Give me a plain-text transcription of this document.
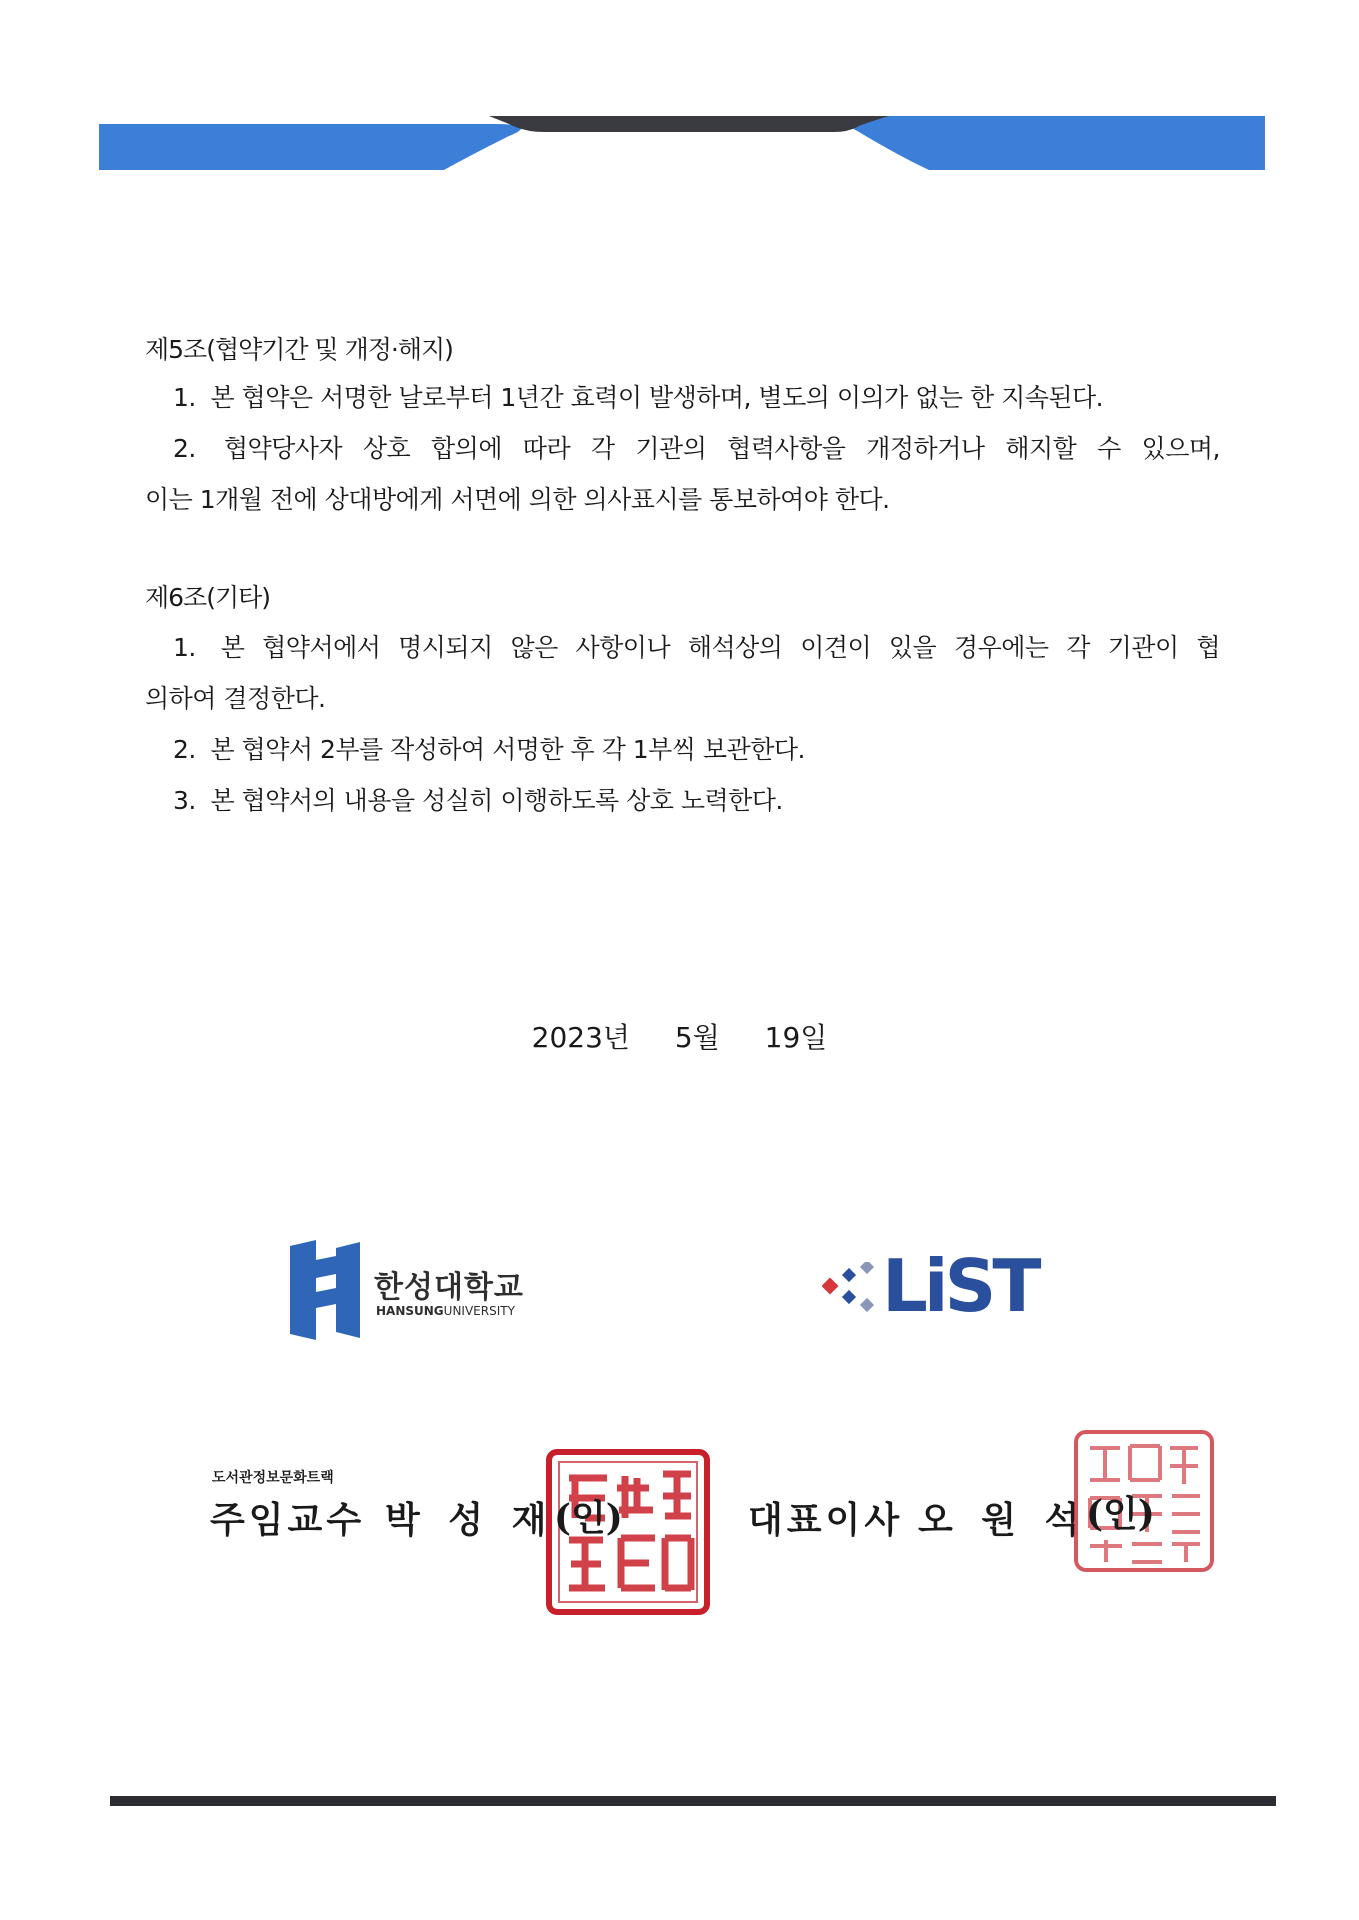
제5조(협약기간 및 개정·해지)
1. 본 협약은 서명한 날로부터 1년간 효력이 발생하며, 별도의 이의가 없는 한 지속된다.
2. 협약당사자 상호 합의에 따라 각 기관의 협력사항을 개정하거나 해지할 수 있으며,
이는 1개월 전에 상대방에게 서면에 의한 의사표시를 통보하여야 한다.
제6조(기타)
1. 본 협약서에서 명시되지 않은 사항이나 해석상의 이견이 있을 경우에는 각 기관이 협
의하여 결정한다.
2. 본 협약서 2부를 작성하여 서명한 후 각 1부씩 보관한다.
3. 본 협약서의 내용을 성실히 이행하도록 상호 노력한다.
2023년 5월 19일
한성대학교
HANSUNGUNIVERSITY	LiST
도서관정보문화트랙
주임교수 박 성 재 (인)	대표이사 오 원 석
(인)
